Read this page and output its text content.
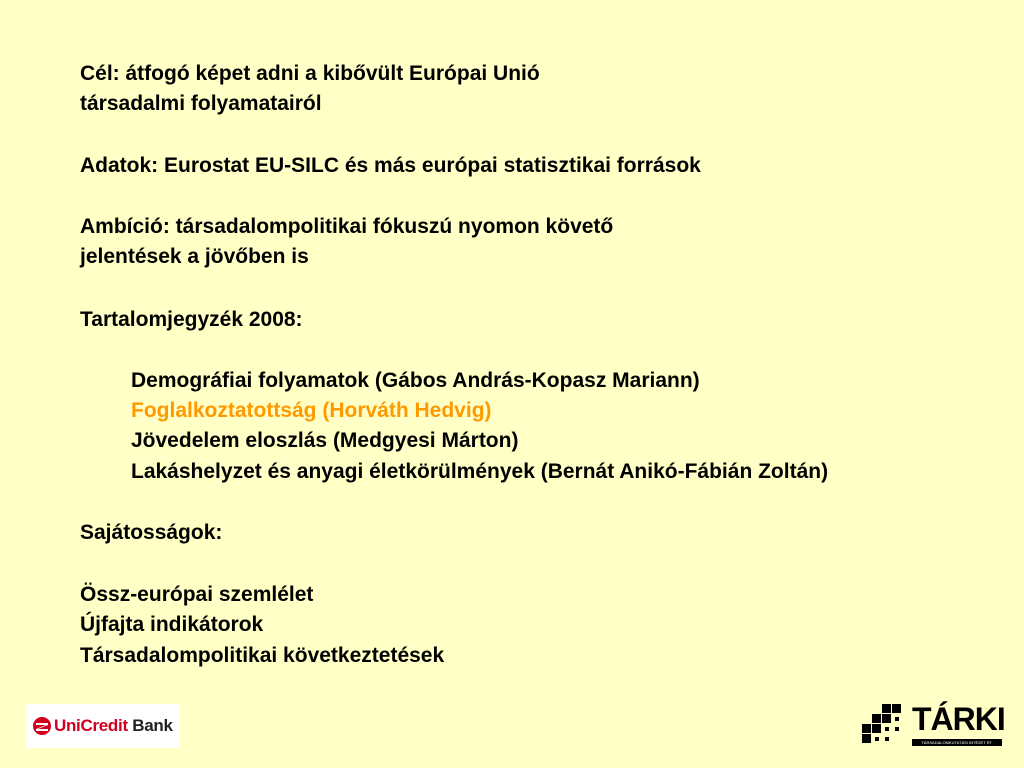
Cél: átfogó képet adni a kibővült Európai Unió
társadalmi folyamatairól
Adatok: Eurostat EU-SILC és más európai statisztikai források
Ambíció: társadalompolitikai fókuszú nyomon követő
jelentések a jövőben is
Tartalomjegyzék 2008:
Demográfiai folyamatok (Gábos András-Kopasz Mariann)
Foglalkoztatottság (Horváth Hedvig)
Jövedelem eloszlás (Medgyesi Márton)
Lakáshelyzet és anyagi életkörülmények (Bernát Anikó-Fábián Zoltán)
Sajátosságok:
Össz-európai szemlélet
Újfajta indikátorok
Társadalompolitikai következtetések
UniCredit Bank	TÁRKI
TÁRSADALOMKUTATÁSI INTÉZET RT.
